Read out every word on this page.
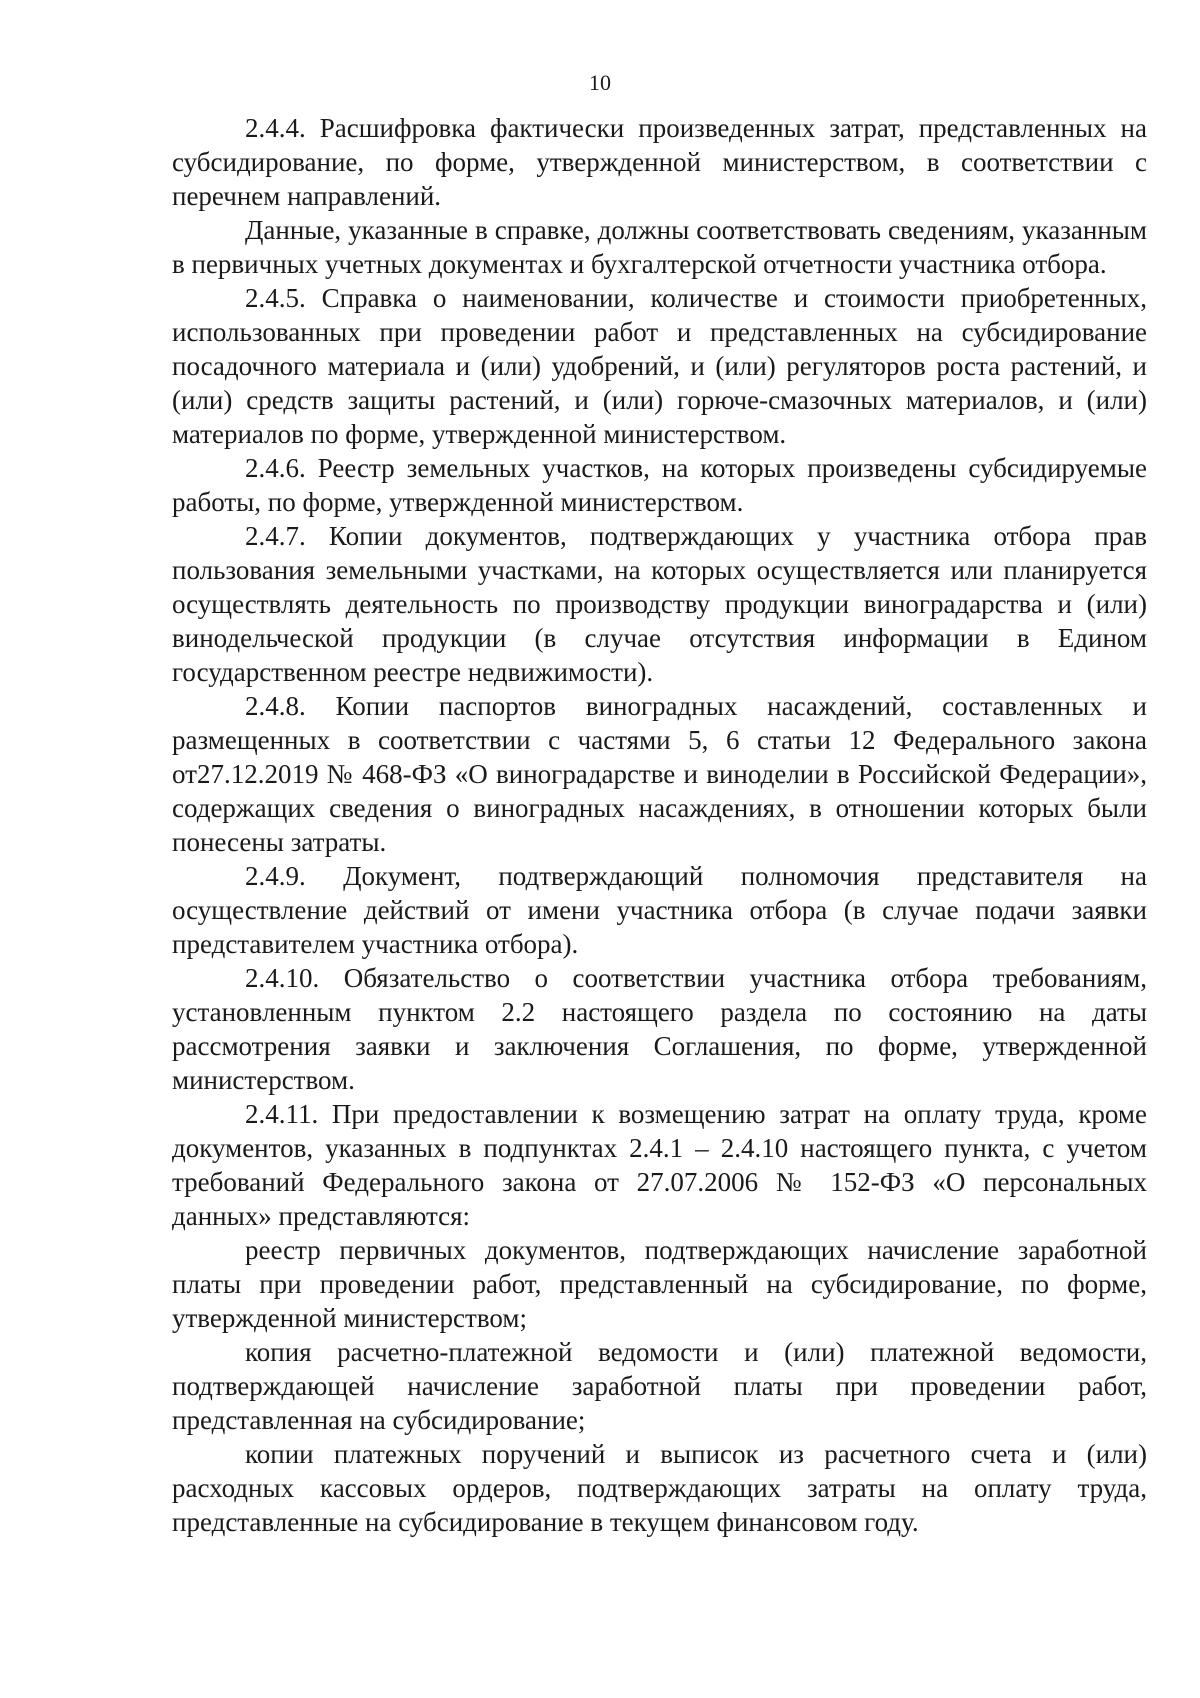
10

2.4.4. Расшифровка фактически произведенных затрат, представленных на субсидирование, по форме, утвержденной министерством, в соответствии с перечнем направлений.

Данные, указанные в справке, должны соответствовать сведениям, указанным в первичных учетных документах и бухгалтерской отчетности участника отбора.

2.4.5. Справка о наименовании, количестве и стоимости приобретенных, использованных при проведении работ и представленных на субсидирование посадочного материала и (или) удобрений, и (или) регуляторов роста растений, и (или) средств защиты растений, и (или) горюче-смазочных материалов, и (или) материалов по форме, утвержденной министерством.

2.4.6. Реестр земельных участков, на которых произведены субсидируемые работы, по форме, утвержденной министерством.

2.4.7. Копии документов, подтверждающих у участника отбора прав пользования земельными участками, на которых осуществляется или планируется осуществлять деятельность по производству продукции виноградарства и (или) винодельческой продукции (в случае отсутствия информации в Едином государственном реестре недвижимости).

2.4.8. Копии паспортов виноградных насаждений, составленных и размещенных в соответствии с частями 5, 6 статьи 12 Федерального закона от27.12.2019 № 468-ФЗ «О виноградарстве и виноделии в Российской Федерации», содержащих сведения о виноградных насаждениях, в отношении которых были понесены затраты.

2.4.9. Документ, подтверждающий полномочия представителя на осуществление действий от имени участника отбора (в случае подачи заявки представителем участника отбора).

2.4.10. Обязательство о соответствии участника отбора требованиям, установленным пунктом 2.2 настоящего раздела по состоянию на даты рассмотрения заявки и заключения Соглашения, по форме, утвержденной министерством.

2.4.11. При предоставлении к возмещению затрат на оплату труда, кроме документов, указанных в подпунктах 2.4.1 – 2.4.10 настоящего пункта, с учетом требований Федерального закона от 27.07.2006 № 152-ФЗ «О персональных данных» представляются:

реестр первичных документов, подтверждающих начисление заработной платы при проведении работ, представленный на субсидирование, по форме, утвержденной министерством;

копия расчетно-платежной ведомости и (или) платежной ведомости, подтверждающей начисление заработной платы при проведении работ, представленная на субсидирование;

копии платежных поручений и выписок из расчетного счета и (или) расходных кассовых ордеров, подтверждающих затраты на оплату труда, представленные на субсидирование в текущем финансовом году.
